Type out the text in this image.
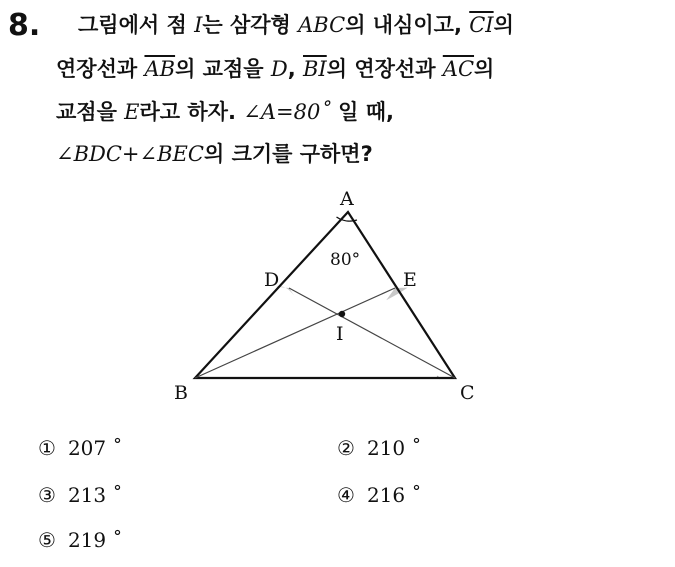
8. 그림에서 점 I는 삼각형 ABC의 내심이고, $\overline{CI}$의
연장선과 $\overline{AB}$의 교점을 D, $\overline{BI}$의 연장선과 $\overline{AC}$의
교점을 E라고 하자. ∠A=80˚ 일 때,
∠BDC+∠BEC의 크기를 구하면?
A
B	C
D	E
I
80°
① 207 ˚	② 210 ˚
③ 213 ˚	④ 216 ˚
⑤ 219 ˚
